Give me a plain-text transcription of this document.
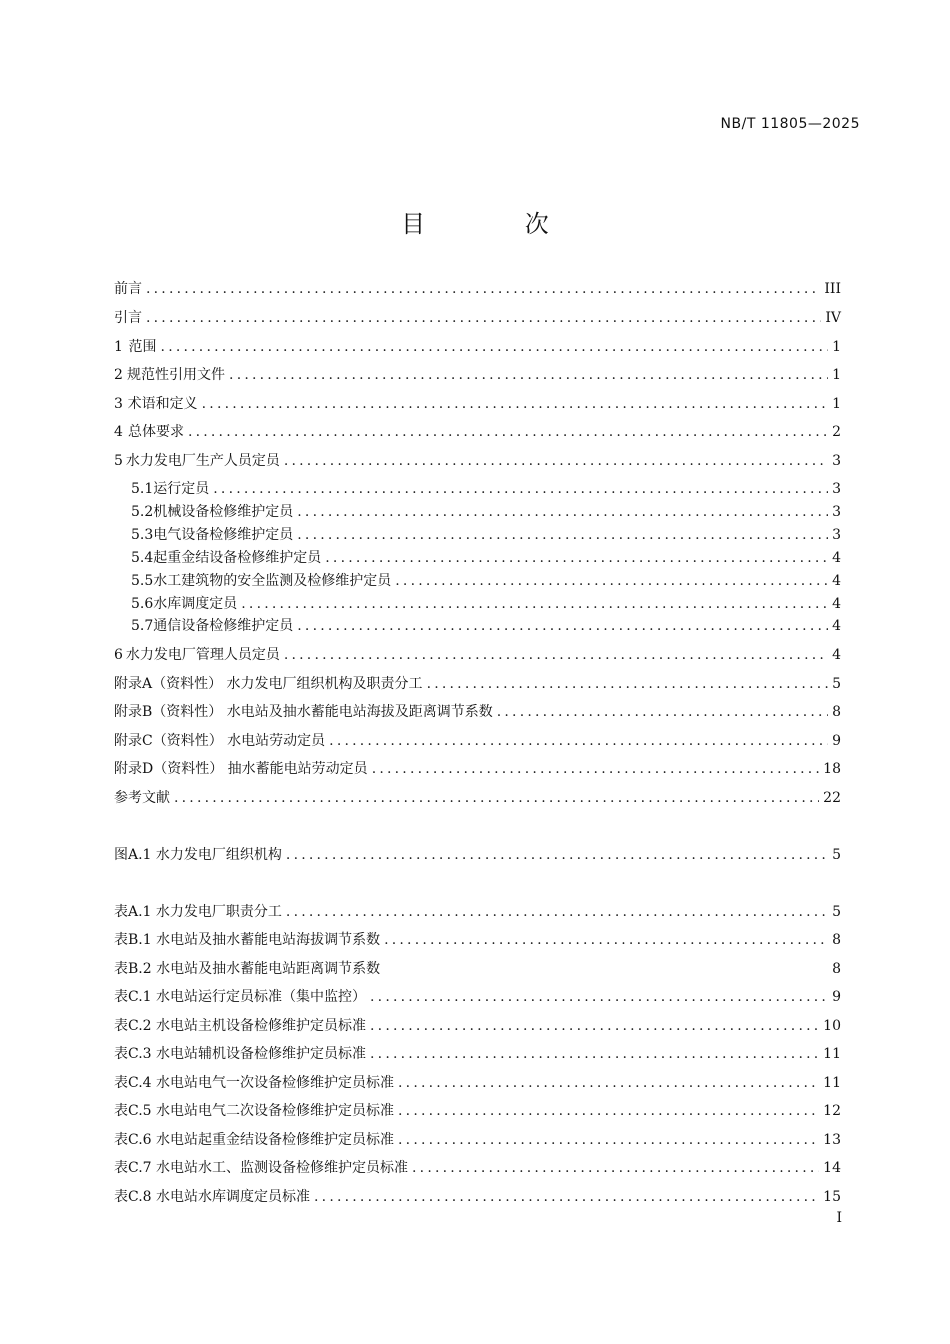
NB/T 11805—2025
目 次
前言 .....	III
引言 .....	IV
1 范围 .....	1
2 规范性引用文件 .....	1
3 术语和定义 .....	1
4 总体要求 .....	2
5 水力发电厂生产人员定员 .....	3
5.1 运行定员 .....	3
5.2 机械设备检修维护定员 .....	3
5.3 电气设备检修维护定员 .....	3
5.4 起重金结设备检修维护定员 .....	4
5.5 水工建筑物的安全监测及检修维护定员 .....	4
5.6 水库调度定员 .....	4
5.7 通信设备检修维护定员 .....	4
6 水力发电厂管理人员定员 .....	4
附录A（资料性） 水力发电厂组织机构及职责分工 .....	5
附录B（资料性） 水电站及抽水蓄能电站海拔及距离调节系数 .....	8
附录C（资料性） 水电站劳动定员 .....	9
附录D（资料性） 抽水蓄能电站劳动定员 .....	18
参考文献 .....	22
图A.1 水力发电厂组织机构 .....	5
表A.1 水力发电厂职责分工 .....	5
表B.1 水电站及抽水蓄能电站海拔调节系数 .....	8
表B.2 水电站及抽水蓄能电站距离调节系数	8
表C.1 水电站运行定员标准（集中监控） .....	9
表C.2 水电站主机设备检修维护定员标准 .....	10
表C.3 水电站辅机设备检修维护定员标准 .....	11
表C.4 水电站电气一次设备检修维护定员标准 .....	11
表C.5 水电站电气二次设备检修维护定员标准 .....	12
表C.6 水电站起重金结设备检修维护定员标准 .....	13
表C.7 水电站水工、监测设备检修维护定员标准 .....	14
表C.8 水电站水库调度定员标准 .....	15
I
